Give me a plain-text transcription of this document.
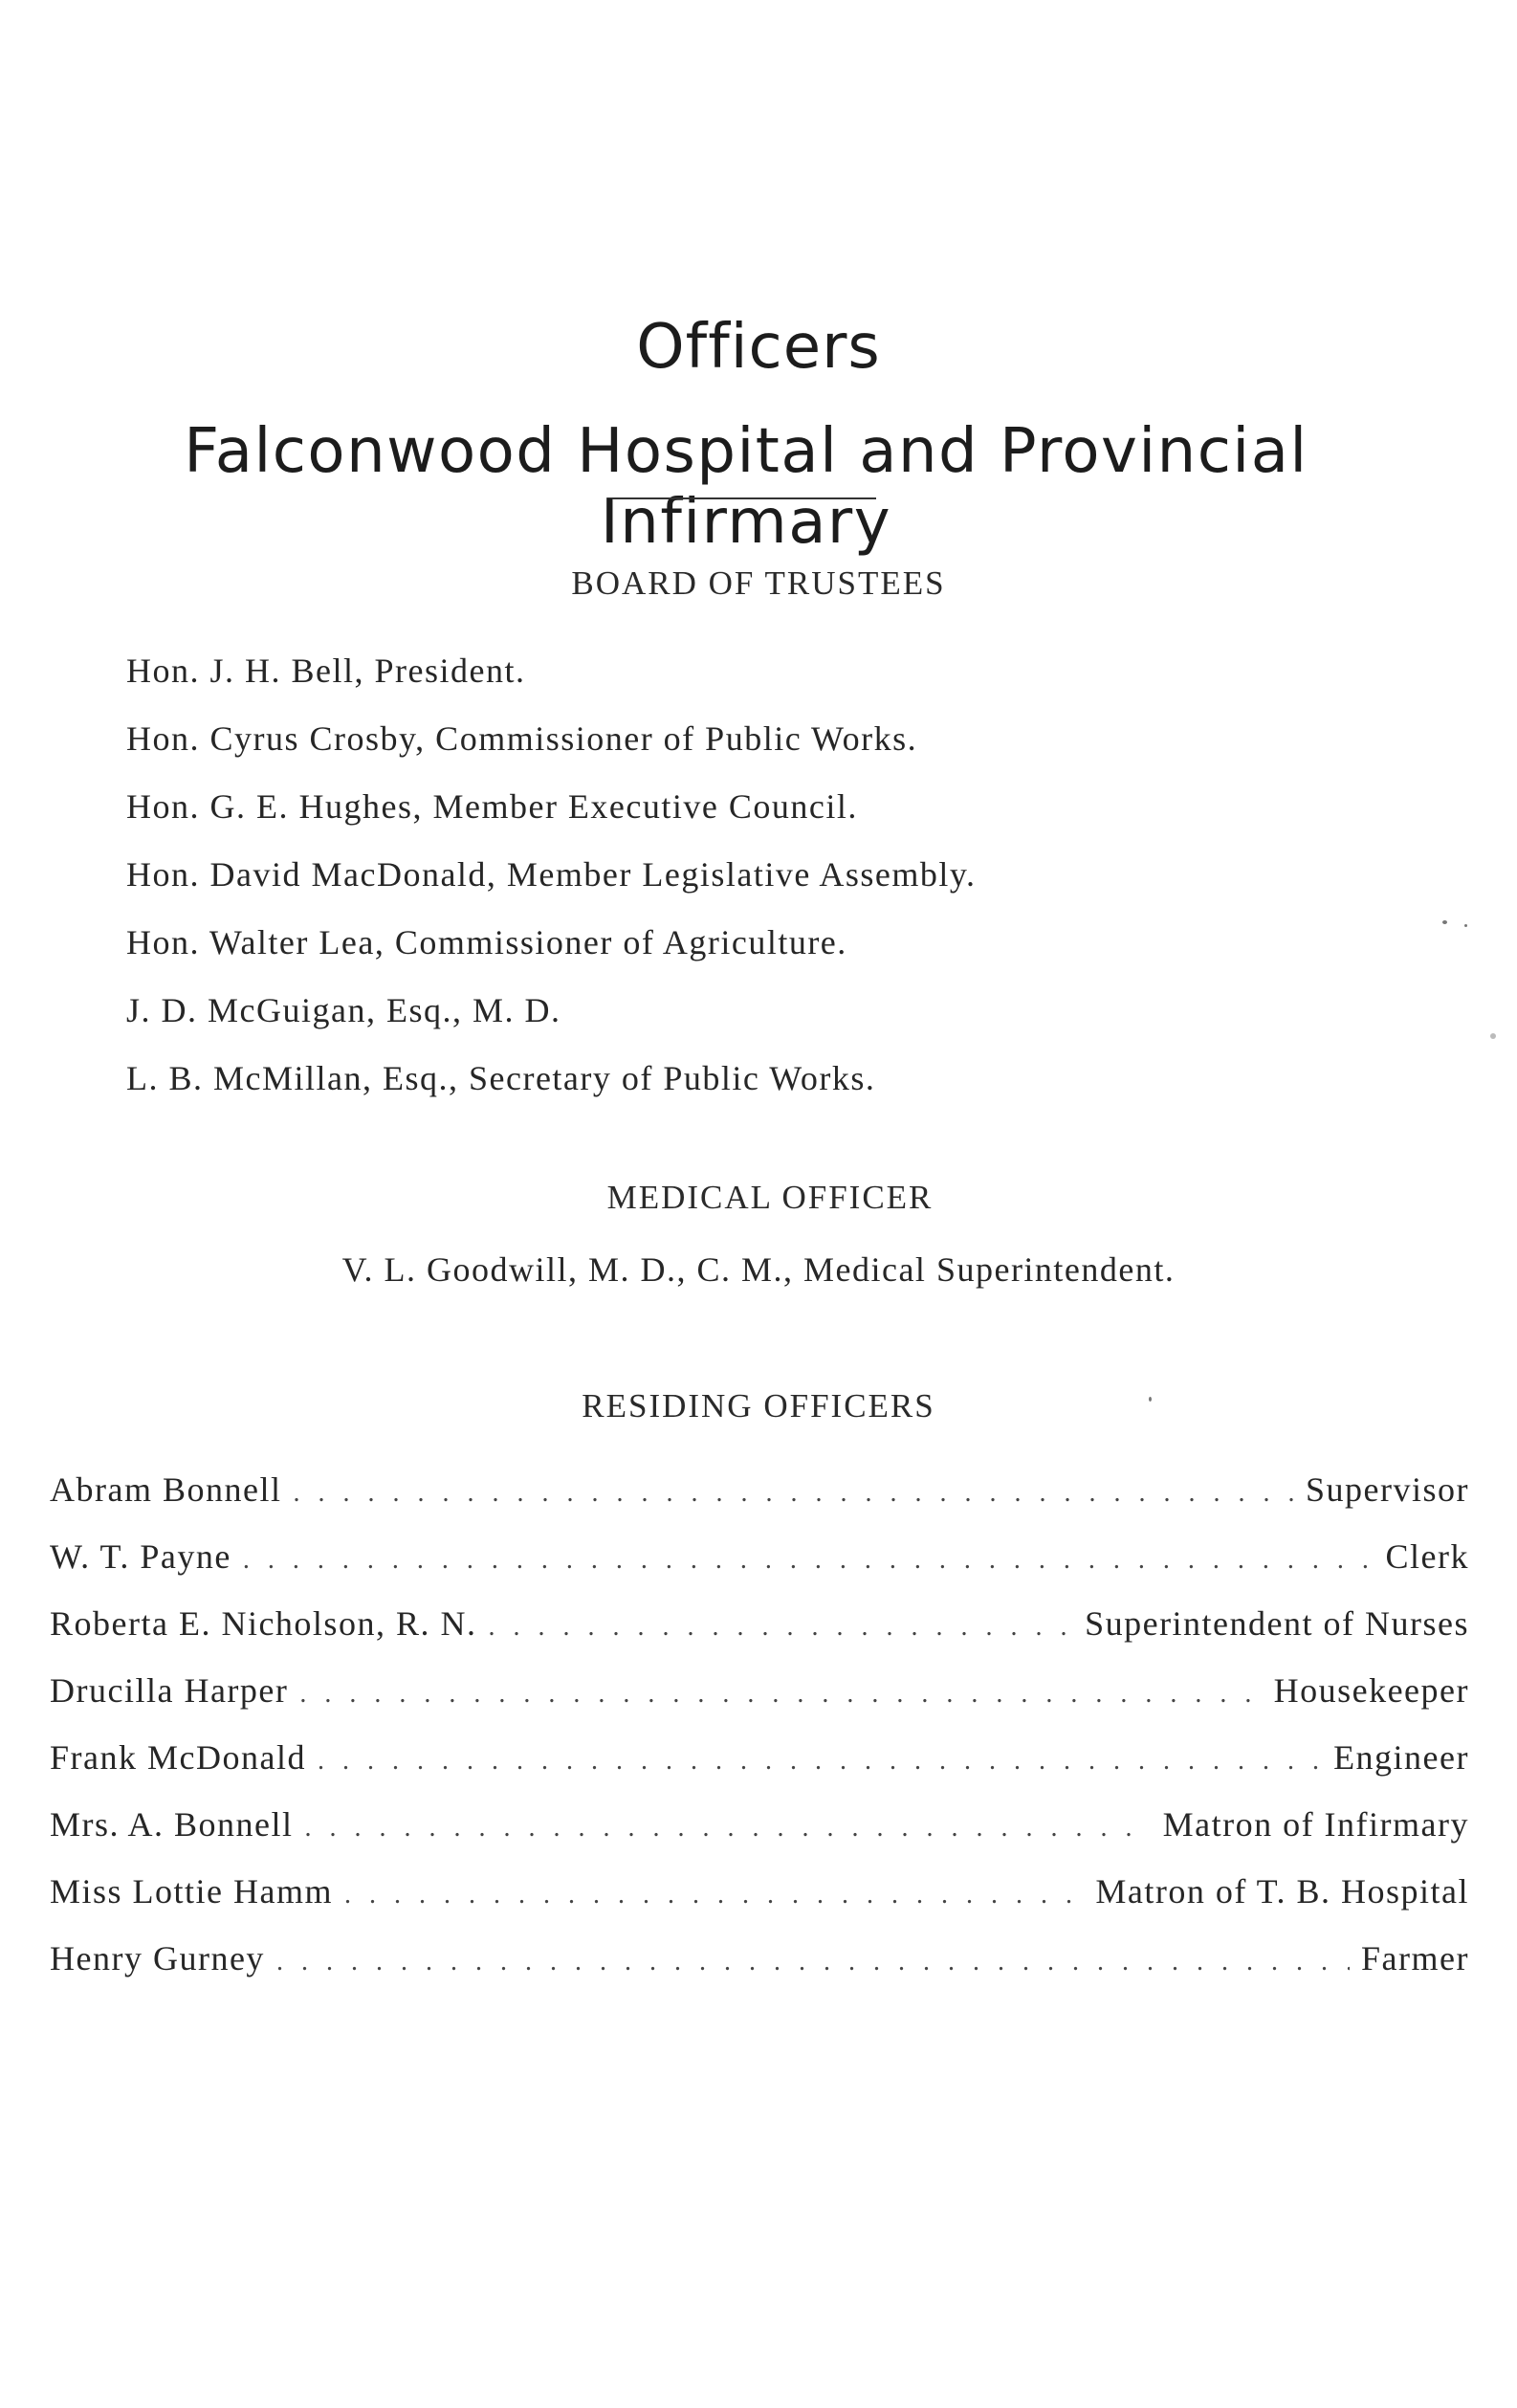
Officers
Falconwood Hospital and Provincial Infirmary
BOARD OF TRUSTEES
Hon. J. H. Bell, President.
Hon. Cyrus Crosby, Commissioner of Public Works.
Hon. G. E. Hughes, Member Executive Council.
Hon. David MacDonald, Member Legislative Assembly.
Hon. Walter Lea, Commissioner of Agriculture.
J. D. McGuigan, Esq., M. D.
L. B. McMillan, Esq., Secretary of Public Works.
MEDICAL OFFICER
V. L. Goodwill, M. D., C. M., Medical Superintendent.
RESIDING OFFICERS
Abram Bonnell . . .	Supervisor
W. T. Payne . . .	Clerk
Roberta E. Nicholson, R. N. . . .	Superintendent of Nurses
Drucilla Harper . . .	Housekeeper
Frank McDonald . . .	Engineer
Mrs. A. Bonnell . . .	Matron of Infirmary
Miss Lottie Hamm . . .	Matron of T. B. Hospital
Henry Gurney . . .	Farmer
